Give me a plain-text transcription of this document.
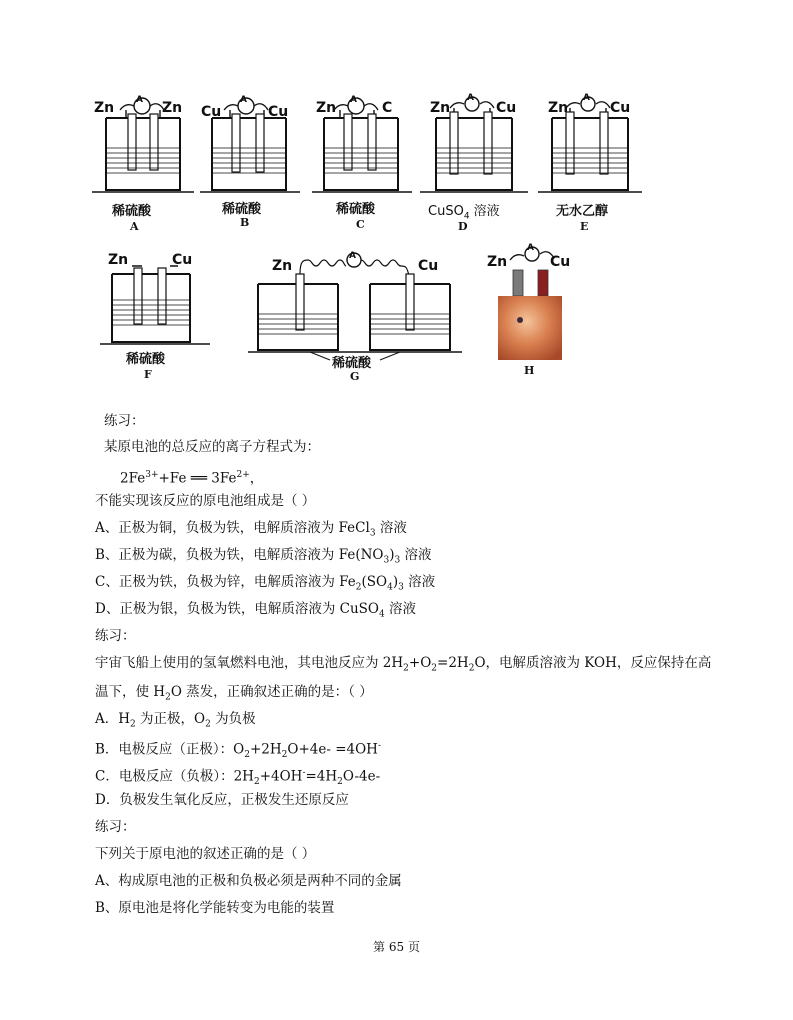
Zn	Zn
A
稀硫酸
A
Cu	Cu
A
稀硫酸
B
Zn	C
A
稀硫酸
C
Zn	Cu
A
CuSO$_4$ 溶液
D
Zn	Cu
A
无水乙醇
E
Zn	Cu
稀硫酸
F
Zn	Cu
A
稀硫酸
G
Zn	Cu
A
H
练习：
某原电池的总反应的离子方程式为：
$2Fe^{3+}+Fe$ ══ $3Fe^{2+}$，
不能实现该反应的原电池组成是（ ）
A、正极为铜，负极为铁，电解质溶液为 FeCl$_3$ 溶液
B、正极为碳，负极为铁，电解质溶液为 $Fe(NO_3)_3$ 溶液
C、正极为铁，负极为锌，电解质溶液为 $Fe_2(SO_4)_3$ 溶液
D、正极为银，负极为铁，电解质溶液为 CuSO$_4$ 溶液
练习：
宇宙飞船上使用的氢氧燃料电池，其电池反应为 $2H_2+O_2=2H_2O$，电解质溶液为 KOH，反应保持在高
温下，使 $H_2O$ 蒸发，正确叙述正确的是：（ ）
A．$H_2$ 为正极，$O_2$ 为负极
B．电极反应（正极）：$O_2+2H_2O+4e- =4OH^-$
C．电极反应（负极）：$2H_2+4OH^-=4H_2O-4e-$
D．负极发生氧化反应，正极发生还原反应
练习：
下列关于原电池的叙述正确的是（ ）
A、构成原电池的正极和负极必须是两种不同的金属
B、原电池是将化学能转变为电能的装置
第 65 页
